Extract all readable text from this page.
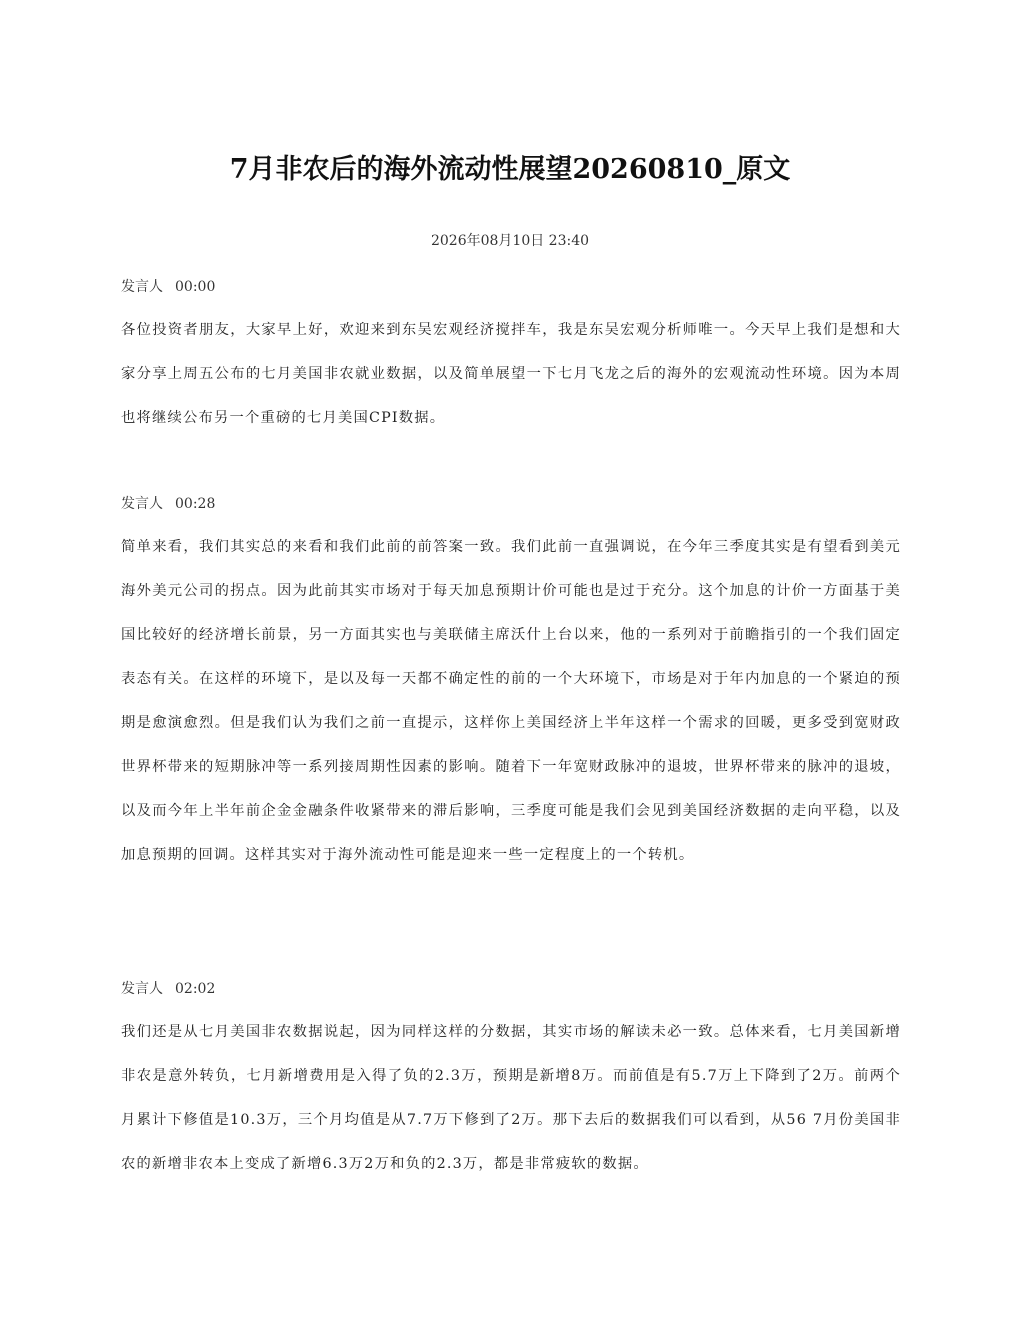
7月非农后的海外流动性展望20260810_原文
2026年08月10日 23:40
发言人 00:00
各位投资者朋友，大家早上好，欢迎来到东吴宏观经济搅拌车，我是东吴宏观分析师唯一。今天早上我们是想和大家分享上周五公布的七月美国非农就业数据，以及简单展望一下七月飞龙之后的海外的宏观流动性环境。因为本周也将继续公布另一个重磅的七月美国CPI数据。
发言人 00:28
简单来看，我们其实总的来看和我们此前的前答案一致。我们此前一直强调说，在今年三季度其实是有望看到美元海外美元公司的拐点。因为此前其实市场对于每天加息预期计价可能也是过于充分。这个加息的计价一方面基于美国比较好的经济增长前景，另一方面其实也与美联储主席沃什上台以来，他的一系列对于前瞻指引的一个我们固定表态有关。在这样的环境下，是以及每一天都不确定性的前的一个大环境下，市场是对于年内加息的一个紧迫的预期是愈演愈烈。但是我们认为我们之前一直提示，这样你上美国经济上半年这样一个需求的回暖，更多受到宽财政世界杯带来的短期脉冲等一系列接周期性因素的影响。随着下一年宽财政脉冲的退坡，世界杯带来的脉冲的退坡，以及而今年上半年前企金金融条件收紧带来的滞后影响，三季度可能是我们会见到美国经济数据的走向平稳，以及加息预期的回调。这样其实对于海外流动性可能是迎来一些一定程度上的一个转机。
发言人 02:02
我们还是从七月美国非农数据说起，因为同样这样的分数据，其实市场的解读未必一致。总体来看，七月美国新增非农是意外转负，七月新增费用是入得了负的2.3万，预期是新增8万。而前值是有5.7万上下降到了2万。前两个月累计下修值是10.3万，三个月均值是从7.7万下修到了2万。那下去后的数据我们可以看到，从56 7月份美国非农的新增非农本上变成了新增6.3万2万和负的2.3万，都是非常疲软的数据。
